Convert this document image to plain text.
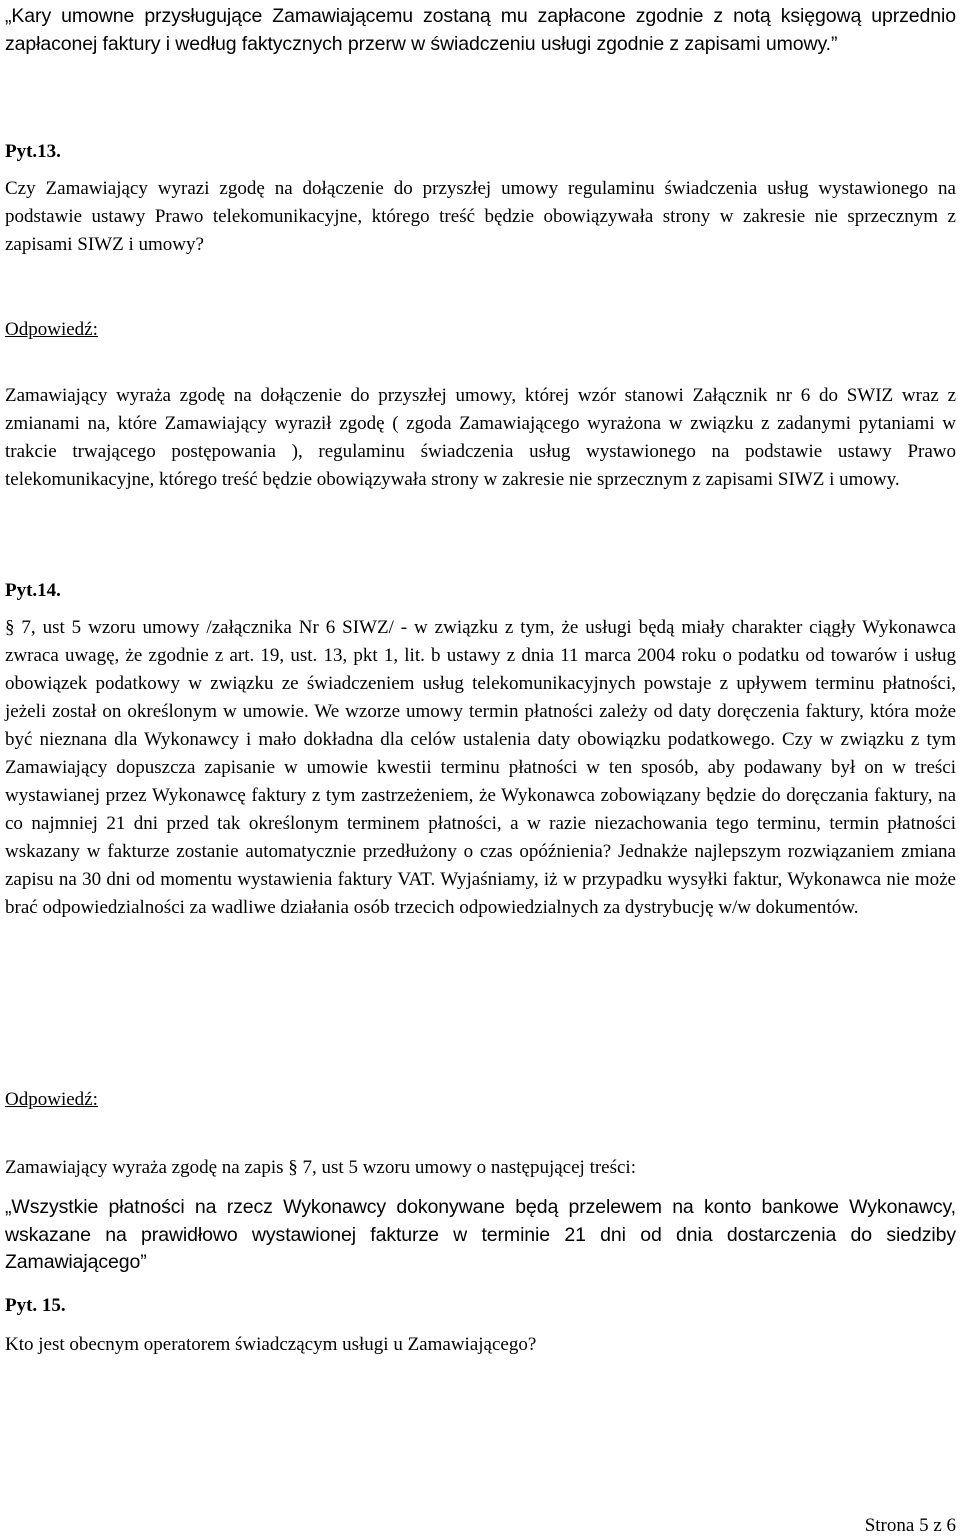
„Kary umowne przysługujące Zamawiającemu zostaną mu zapłacone zgodnie z notą księgową uprzednio zapłaconej faktury i według faktycznych przerw w świadczeniu usługi zgodnie z zapisami umowy.”

Pyt.13.

Czy Zamawiający wyrazi zgodę na dołączenie do przyszłej umowy regulaminu świadczenia usług wystawionego na podstawie ustawy Prawo telekomunikacyjne, którego treść będzie obowiązywała strony w zakresie nie sprzecznym z zapisami SIWZ i umowy?

Odpowiedź:

Zamawiający wyraża zgodę na dołączenie do przyszłej umowy, której wzór stanowi Załącznik nr 6 do SWIZ wraz z zmianami na, które Zamawiający wyraził zgodę ( zgoda Zamawiającego wyrażona w związku z zadanymi pytaniami w trakcie trwającego postępowania ), regulaminu świadczenia usług wystawionego na podstawie ustawy Prawo telekomunikacyjne, którego treść będzie obowiązywała strony w zakresie nie sprzecznym z zapisami SIWZ i umowy.

Pyt.14.

§ 7, ust 5 wzoru umowy /załącznika Nr 6 SIWZ/ - w związku z tym, że usługi będą miały charakter ciągły Wykonawca zwraca uwagę, że zgodnie z art. 19, ust. 13, pkt 1, lit. b ustawy z dnia 11 marca 2004 roku o podatku od towarów i usług obowiązek podatkowy w związku ze świadczeniem usług telekomunikacyjnych powstaje z upływem terminu płatności, jeżeli został on określonym w umowie. We wzorze umowy termin płatności zależy od daty doręczenia faktury, która może być nieznana dla Wykonawcy i mało dokładna dla celów ustalenia daty obowiązku podatkowego. Czy w związku z tym Zamawiający dopuszcza zapisanie w umowie kwestii terminu płatności w ten sposób, aby podawany był on w treści wystawianej przez Wykonawcę faktury z tym zastrzeżeniem, że Wykonawca zobowiązany będzie do doręczania faktury, na co najmniej 21 dni przed tak określonym terminem płatności, a w razie niezachowania tego terminu, termin płatności wskazany w fakturze zostanie automatycznie przedłużony o czas opóźnienia? Jednakże najlepszym rozwiązaniem zmiana zapisu na 30 dni od momentu wystawienia faktury VAT. Wyjaśniamy, iż w przypadku wysyłki faktur, Wykonawca nie może brać odpowiedzialności za wadliwe działania osób trzecich odpowiedzialnych za dystrybucję w/w dokumentów.

Odpowiedź:

Zamawiający wyraża zgodę na zapis § 7, ust 5 wzoru umowy o następującej treści:

„Wszystkie płatności na rzecz Wykonawcy dokonywane będą przelewem na konto bankowe Wykonawcy, wskazane na prawidłowo wystawionej fakturze w terminie 21 dni od dnia dostarczenia do siedziby Zamawiającego”

Pyt. 15.

Kto jest obecnym operatorem świadczącym usługi u Zamawiającego?

Strona 5 z 6
